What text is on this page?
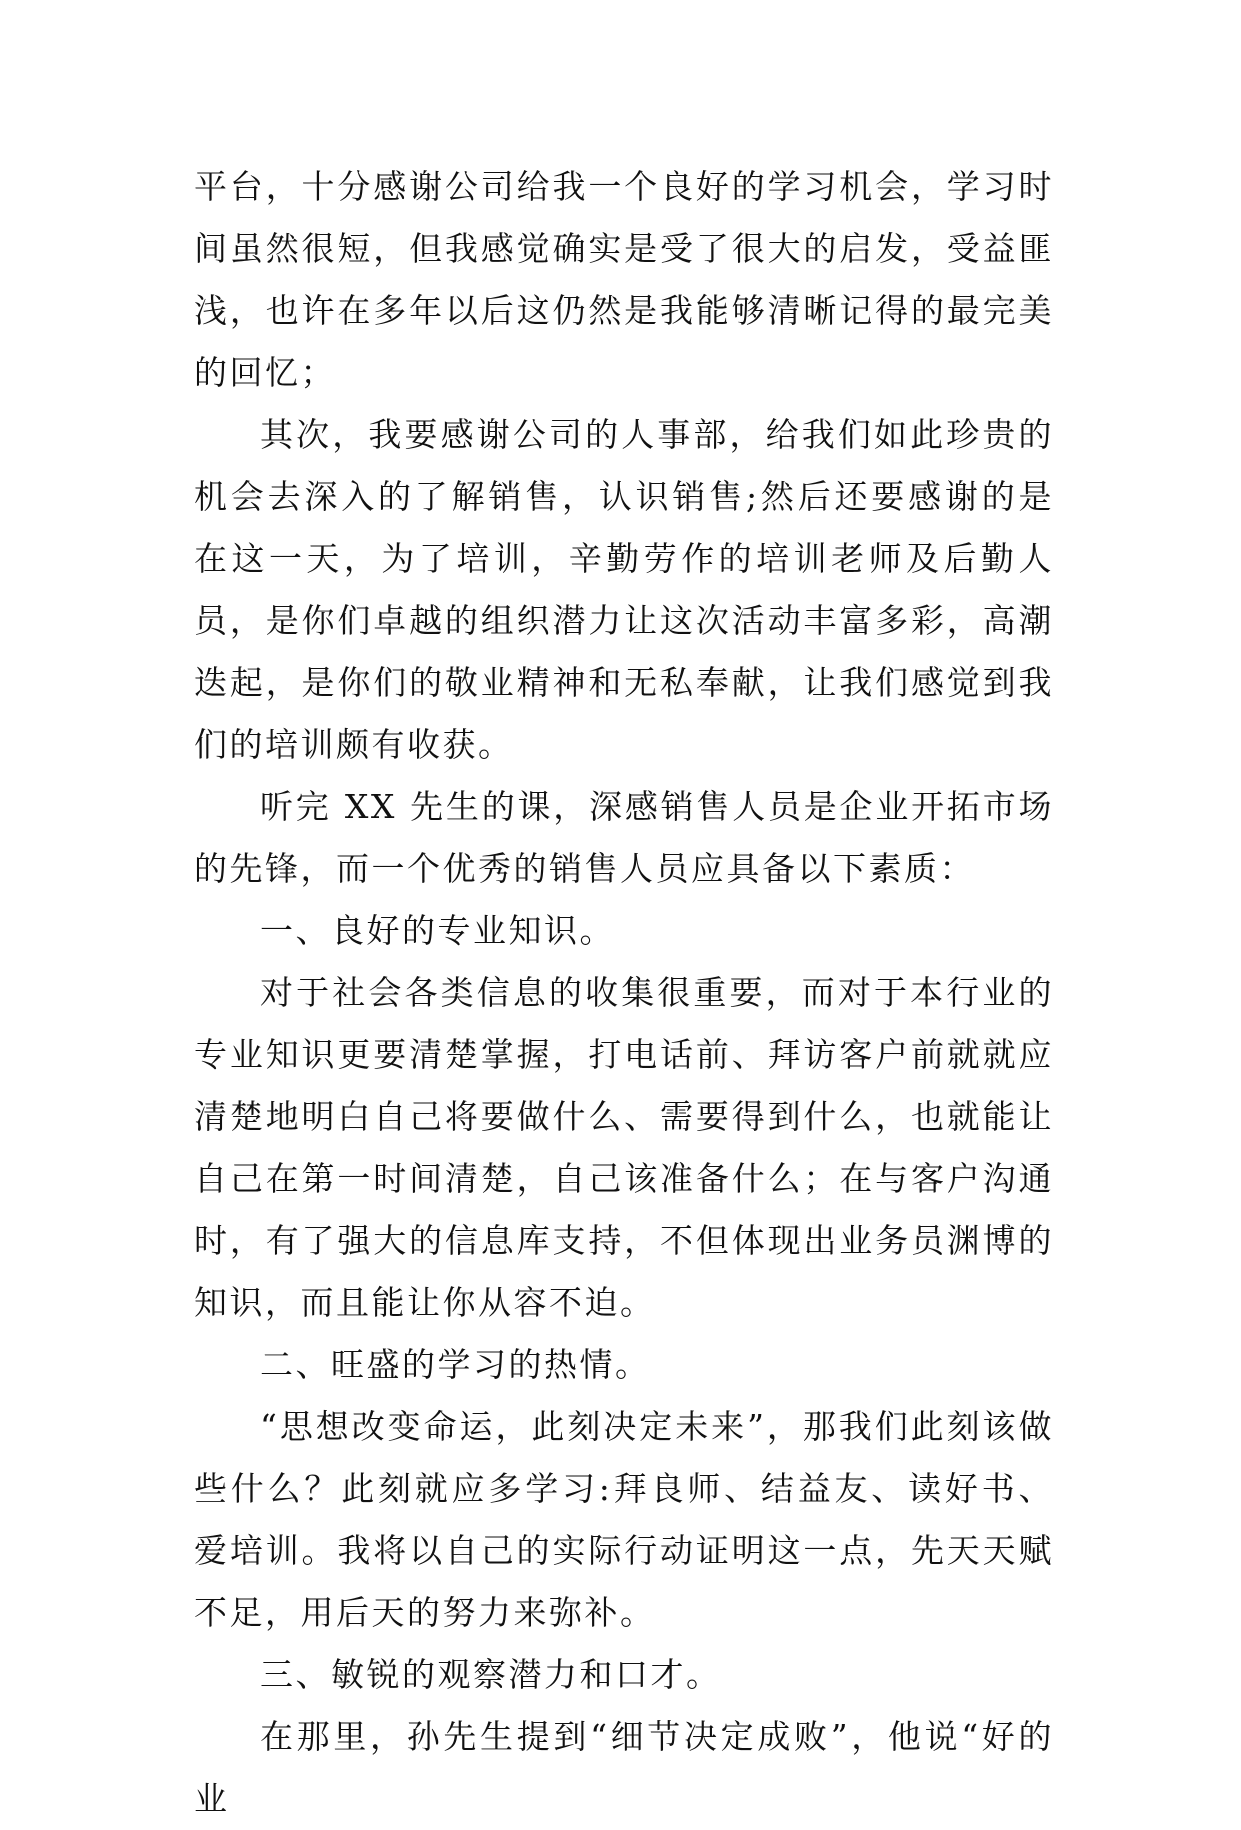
平台，十分感谢公司给我一个良好的学习机会，学习时间虽然很短，但我感觉确实是受了很大的启发，受益匪浅，也许在多年以后这仍然是我能够清晰记得的最完美的回忆；

其次，我要感谢公司的人事部，给我们如此珍贵的机会去深入的了解销售，认识销售;然后还要感谢的是在这一天，为了培训，辛勤劳作的培训老师及后勤人员，是你们卓越的组织潜力让这次活动丰富多彩，高潮迭起，是你们的敬业精神和无私奉献，让我们感觉到我们的培训颇有收获。

听完 XX 先生的课，深感销售人员是企业开拓市场的先锋，而一个优秀的销售人员应具备以下素质：

一、良好的专业知识。

对于社会各类信息的收集很重要，而对于本行业的专业知识更要清楚掌握，打电话前、拜访客户前就就应清楚地明白自己将要做什么、需要得到什么，也就能让自己在第一时间清楚，自己该准备什么；在与客户沟通时，有了强大的信息库支持，不但体现出业务员渊博的知识，而且能让你从容不迫。

二、旺盛的学习的热情。

“思想改变命运，此刻决定未来”，那我们此刻该做些什么？此刻就应多学习:拜良师、结益友、读好书、爱培训。我将以自己的实际行动证明这一点，先天天赋不足，用后天的努力来弥补。

三、敏锐的观察潜力和口才。

在那里，孙先生提到“细节决定成败”，他说“好的业
